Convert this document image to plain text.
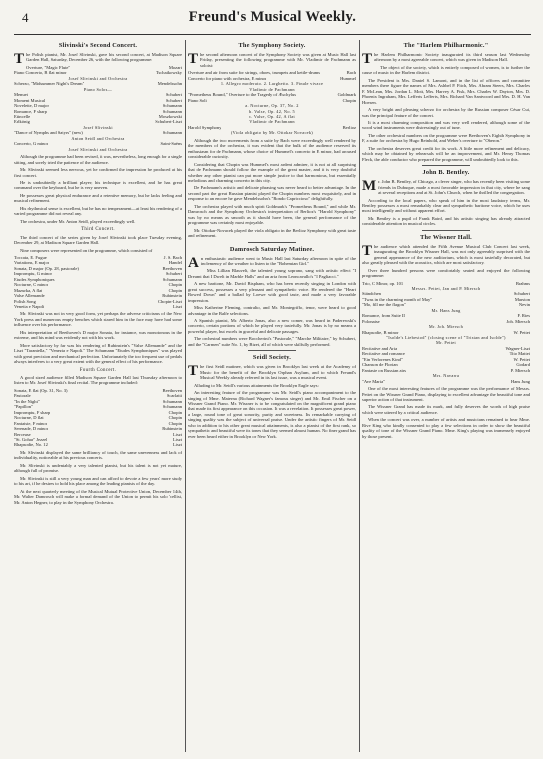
4	Freund's Musical Weekly.
Slivinski's Second Concert.

The Polish pianist, Mr. Josef Slivinski, gave his second concert, at Madison Square Garden Hall, Saturday, December 26, with the following programme:

Overture, "Magic Flute"	Mozart
Piano Concerto, B flat minor	Tschaikowsky
Josef Slivinski and Orchestra
Scherzo, "Midsummer Night's Dream"	Mendelssohn
Piano Solos—
Menuet	Schubert
Moment Musical	Schubert
Novelette, D major	Schumann
Romance, F sharp	Schumann
Etincelle	Moszkowski
Erlkönig	Schubert-Liszt
Josef Slivinski
"Dance of Nymphs and Satyrs" (new)	Schumann
Anton Seidl and Orchestra
Concerto, G minor	Saint-Saëns
Josef Slivinski and Orchestra

Although the programme had been revised, it was, nevertheless, long enough for a single sitting, and sorely tried the patience of the audience.

Mr. Slivinski seemed less nervous, yet he confirmed the impression he produced at his first concert.

He is undoubtedly a brilliant player; his technique is excellent, and he has great command over the keyboard, but he is very uneven.

He possesses great physical endurance and a retentive memory, but he lacks feeling and musical refinement.

His rhythmical sense is excellent, but he has no temperament—at least his rendering of a varied programme did not reveal any.

The orchestra, under Mr. Anton Seidl, played exceedingly well.

Third Concert.

The third concert of the series given by Josef Slivinski took place Tuesday evening, December 29, at Madison Square Garden Hall.

Nine composers were represented on the programme, which consisted of

Toccata, E. Fugue	J. S. Bach
Variations, E major	Handel
Sonata, D major (Op. 28, pastorale)	Beethoven
Impromptu, G minor	Schubert
Etudes Symphoniques	Schumann
Nocturne, C minor	Chopin
Mazurka, A flat	Chopin
Valse Allemande	Rubinstein
Polish Song	Chopin-Liszt
Venetia e Napoli	Liszt

Mr. Slivinski was not in very good form, yet perhaps the adverse criticisms of the New York press and numerous empty benches which stared him in the face may have had some influence over his performance.

His interpretation of Beethoven's D major Sonata, for instance, was monotonous in the extreme, and his mind was evidently not with his work.

More satisfactory by far was his rendering of Rubinstein's "Valse Allemande" and the Liszt "Tarantella," "Venezia e Napoli." The Schumann "Etudes Symphoniques" was played with great precision and mechanical perfection. Unfortunately the too frequent use of pedals always interferes to a very great extent with the general effect of his performance.

Fourth Concert.

A good sized audience filled Madison Square Garden Hall last Thursday afternoon to listen to Mr. Josef Slivinski's final recital. The programme included:

Sonata, E flat (Op. 31, No. 3)	Beethoven
Pastorale	Scarlatti
"In the Night"	Schumann
"Papillon"	Schumann
Impromptu, F sharp	Chopin
Nocturne, D flat	Chopin
Fantaisie, F minor	Chopin
Serenade, D minor	Rubinstein
Berceuse	Liszt
"St. Gohar" Jezzel	Liszt
Rhapsodie, No. 12	Liszt

Mr. Slivinski displayed the same brilliancy of touch, the same unevenness and lack of individuality, noticeable at his previous concerts.

Mr. Slivinski is undeniably a very talented pianist, but his talent is not yet mature, although full of promise.

Mr. Slivinski is still a very young man and can afford to devote a few years' more study to his art, if he desires to hold his place among the leading pianists of the day.

At the next quarterly meeting of the Musical Mutual Protective Union, December 14th, Mr. Walter Damrosch will make a formal demand of the Union to permit his solo 'cellist, Mr. Anton Hegner, to play in the Symphony Orchestra.

The Symphony Society.

The second afternoon concert of the Symphony Society was given at Music Hall last Friday, presenting the following programme with Mr. Vladimir de Pachmann as soloist:

Overture and air from suite for strings, oboes, trumpets and kettle-drums	Bach
Concerto for piano with orchestra, E minor	Hummel
1. Allegro moderato. 2. Larghetto. 3. Finale vivace
Vladimir de Pachmann
"Prometheus Bound," Overture to the Tragedy of Æschylus	Goldmark
Piano Soli	Chopin
a. Nocturne, Op. 37, No. 2
b. Valse, Op. 42, No. 5
c. Valse, Op. 42, A flat
Vladimir de Pachmann
Harold Symphony	Berlioz
(Viola obligato by Mr. Ottokar Novacek)

Although the two movements from a suite by Bach were exceedingly well rendered by the members of the orchestra, it was evident that the bulk of the audience reserved its enthusiasm for de Pachmann, whose choice of Hummel's concerto in E minor, had aroused considerable curiosity.

Considering that Chopin was Hummel's most ardent admirer, it is not at all surprising that de Pachmann should follow the example of the great master, and it is very doubtful whether any other pianist can put more simple justice to that harmonious, but essentially melodious and charming concerto in this city.

De Pachmann's artistic and delicate phrasing was never heard to better advantage. In the second part the great Russian pianist played the Chopin numbers most exquisitely, and in response to an encore he gave Mendelssohn's "Rondo Capriccioso" delightfully.

The orchestra played with much spirit Goldmark's "Prometheus Bound," and while Mr. Damrosch and the Symphony Orchestra's interpretation of Berlioz's "Harold Symphony" was by no means as smooth as it should have been, the general performance of the programme was certainly most enjoyable.

Mr. Ottokar-Novacek played the viola obligato in the Berlioz Symphony with great taste and refinement.

Damrosch Saturday Matinee.

An enthusiastic audience went to Music Hall last Saturday afternoon in spite of the inclemency of the weather to listen to the "Bohemian Girl."

Miss Lillian Blauvelt, the talented young soprano, sang with artistic effect "I Dreamt that I Dwelt in Marble Halls" and an aria from Leoncavallo's "I Pagliacci."

A new baritone, Mr. David Bispham, who has been recently singing in London with great success, possesses a very pleasant and sympathetic voice. He rendered the "Heart Bowed Down" and a ballad by Loewe with good taste, and made a very favorable impression.

Miss Katherine Fleming, contralto, and Mr. Montegriffo, tenor, were heard to good advantage in the Balfe selections.

A Spanish pianist, Mr. Alberto Jonas, also a new comer, was heard in Paderewski's concerto, certain portions of which he played very tastefully. Mr. Jonas is by no means a powerful player, but excels in graceful and delicate passages.

The orchestral numbers were Boccherini's "Pastorale," "Marche Militaire," by Schubert, and the "Carmen" suite No. 1, by Bizet, all of which were skilfully performed.

Seidl Society.

The first Seidl matinee, which was given in Brooklyn last week at the Academy of Music for the benefit of the Brooklyn Orphan Asylum, and to which Freund's Musical Weekly already referred in its last issue, was a musical event.

Alluding to Mr. Seidl's various attainments the Brooklyn Eagle says:

An interesting feature of the programme was Mr. Seidl's piano accompaniment to the singing of Mme. Materna (Richard Wagner's famous singer) and Mr. Emil Fischer on a Wissner Grand Piano. Mr. Wissner is to be congratulated on the magnificent grand piano that made its first appearance on this occasion. It was a revelation. It possesses great power, a large, round tone of great sonority, purity and sweetness. Its remarkable carrying of singing quality was the subject of universal praise. Under the artistic fingers of Mr. Seidl who in addition to his other great musical attainments, is also a pianist of the first rank, so sympathetic and beautiful were its tones that they seemed almost human. No finer grand has ever been heard either in Brooklyn or New York.

The "Harlem Philharmonic."

The Harlem Philharmonic Society inaugurated its third season last Wednesday afternoon by a most agreeable concert, which was given in Madison Hall.

The object of the society, which is entirely composed of women, is to further the cause of music in the Harlem district.

The President is Mrs. Daniel S. Lamont, and in the list of officers and committee members there figure the names of Mrs. Ashbel P. Fitch, Mrs. Abram Steers, Mrs. Charles F. McLean, Mrs. Jordan L. Mott, Mrs. Harvey A. Fisk, Mrs. Charles W. Dayton, Mrs. D. Phoenix Ingraham, Mrs. Lefferts Lefferts, Mrs. Richard Van Santvoord and Mrs. D. H. Van Hoesen.

A very bright and pleasing scherzo for orchestra by the Russian composer César Cui, was the principal feature of the concert.

It is a most charming composition and was very well rendered, although some of the wood wind instruments were distressingly out of tune.

The other orchestral numbers on the programme were Beethoven's Eighth Symphony in F, a suite for orchestra by Hugo Reinhold, and Weber's overture to "Oberon."

The orchestra deserves great credit for its work. A little more refinement and delicacy, which may be obtained by rehearsals will be an improvement, and Mr. Henry Thomas Fleck, the able conductor who prepared the programme, will undoubtedly look to this.

John B. Bentley.

Mr. John B. Bentley, of Chicago, a clever singer, who has recently been visiting some friends in Dubuque, made a most favorable impression in that city, where he sang at several receptions and at St. John's Church, when he thrilled the congregation.

According to the local papers, who speak of him in the most laudatory terms, Mr. Bentley possesses a most remarkably clear and sympathetic baritone voice, which he uses most intelligently and without apparent effort.

Mr. Bentley is a pupil of Frank Baird, and his artistic singing has already attracted considerable attention in musical circles.

The Wissner Hall.

The audience which attended the Fifth Avenue Musical Club Concert last week, inaugurating the Brooklyn Wissner Hall, was not only agreeably surprised with the general appearance of the new auditorium, which is most tastefully decorated, but also greatly pleased with the acoustics, which are most satisfactory.

Over three hundred persons were comfortably seated and enjoyed the following programme:

Trio, C Minor, op. 101	Brahms
Messrs. Pettet, Jan and P. Miersch
Ständchen	Schubert
"Twas in the charming month of May"	Marston
"Mo, fill me the flagon"	Nevin
Mr. Hans Jung
Romance, from Suite II	F. Ries
Polonaise	Joh. Miersch
Mr. Joh. Miersch
Rhapsodie, B minor	W. Pettet
"Isolde's Liebestod" (closing scene of "Tristan and Isolde")
Mr. Pettet
Recitative and Aria	Wagner-Liszt
Recitative and romance	Tito Mattei
"Ein Verlorenes Kind"	W. Pettet
Chanson de Florian	Godard
Fantasie on Russian airs	P. Miersch
Mrs. Navarra
"Ave Maria"	Hans Jung

One of the most interesting features of the programme was the performance of Messrs. Pettet on the Wissner Grand Piano, displaying to excellent advantage the beautiful tone and superior action of that instrument.

The Wissner Grand has made its mark, and fully deserves the words of high praise which were uttered by a critical audience.

When the concert was over, a number of artists and musicians remained to hear Mme. Rive King who kindly consented to play a few selections in order to show the beautiful quality of tone of the Wissner Grand Piano. Mme. King's playing was immensely enjoyed by those present.
